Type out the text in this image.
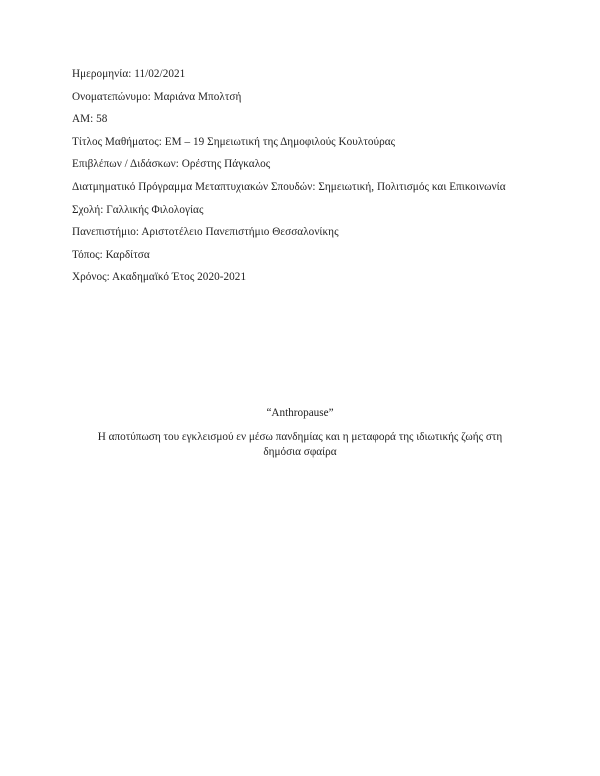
Ημερομηνία: 11/02/2021
Ονοματεπώνυμο: Μαριάνα Μπολτσή
ΑΜ: 58
Τίτλος Μαθήματος: ΕΜ – 19 Σημειωτική της Δημοφιλούς Κουλτούρας
Επιβλέπων / Διδάσκων: Ορέστης Πάγκαλος
Διατμηματικό Πρόγραμμα Μεταπτυχιακών Σπουδών: Σημειωτική, Πολιτισμός και Επικοινωνία
Σχολή: Γαλλικής Φιλολογίας
Πανεπιστήμιο: Αριστοτέλειο Πανεπιστήμιο Θεσσαλονίκης
Τόπος: Καρδίτσα
Χρόνος: Ακαδημαϊκό Έτος 2020-2021
“Anthropause”
Η αποτύπωση του εγκλεισμού εν μέσω πανδημίας και η μεταφορά της ιδιωτικής ζωής στη δημόσια σφαίρα
